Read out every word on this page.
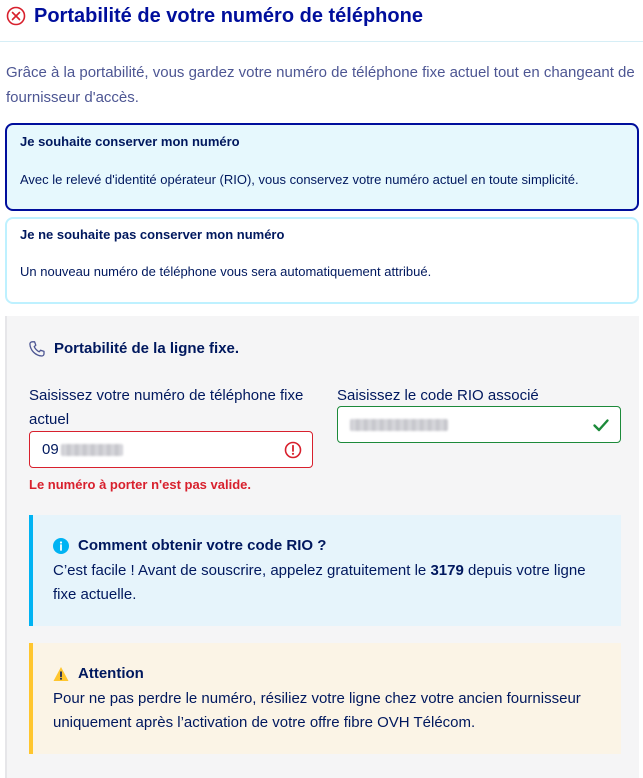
Portabilité de votre numéro de téléphone
Grâce à la portabilité, vous gardez votre numéro de téléphone fixe actuel tout en changeant de fournisseur d'accès.
Je souhaite conserver mon numéro
Avec le relevé d'identité opérateur (RIO), vous conservez votre numéro actuel en toute simplicité.
Je ne souhaite pas conserver mon numéro
Un nouveau numéro de téléphone vous sera automatiquement attribué.
Portabilité de la ligne fixe.
Saisissez votre numéro de téléphone fixe actuel
09
Le numéro à porter n'est pas valide.
Saisissez le code RIO associé
Comment obtenir votre code RIO ?
C’est facile ! Avant de souscrire, appelez gratuitement le 3179 depuis votre ligne fixe actuelle.
Attention
Pour ne pas perdre le numéro, résiliez votre ligne chez votre ancien fournisseur uniquement après l’activation de votre offre fibre OVH Télécom.
